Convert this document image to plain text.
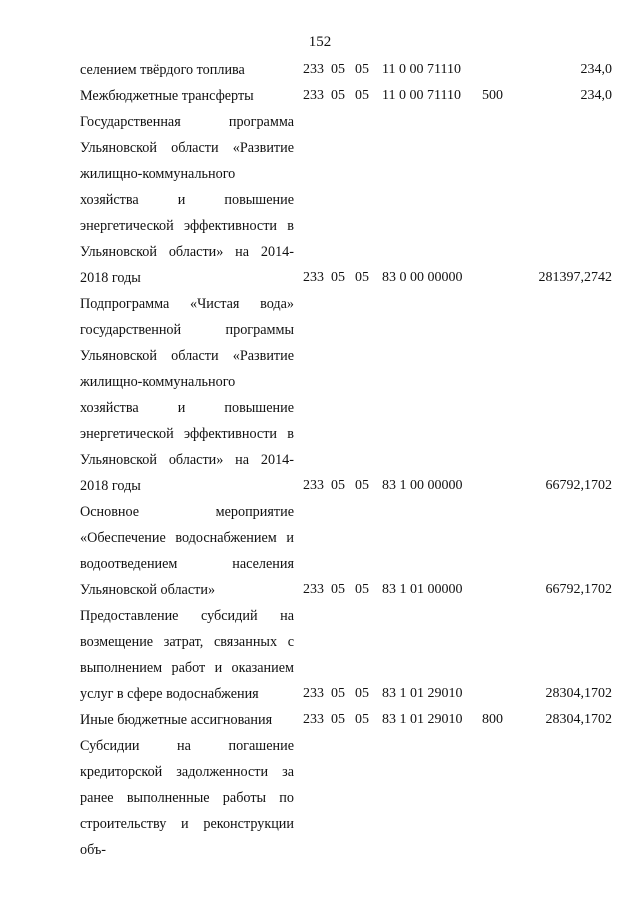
152
селением твёрдого топлива	233 05 05 11 0 00 71110	234,0
Межбюджетные трансферты	233 05 05 11 0 00 71110 500	234,0
Государственная программа Ульяновской области «Развитие жилищно-коммунального хозяйства и повышение энергетической эффективности в Ульяновской области» на 2014-2018 годы	233 05 05 83 0 00 00000	281397,2742
Подпрограмма «Чистая вода» государственной программы Ульяновской области «Развитие жилищно-коммунального хозяйства и повышение энергетической эффективности в Ульяновской области» на 2014-2018 годы	233 05 05 83 1 00 00000	66792,1702
Основное мероприятие «Обеспечение водоснабжением и водоотведением населения Ульяновской области»	233 05 05 83 1 01 00000	66792,1702
Предоставление субсидий на возмещение затрат, связанных с выполнением работ и оказанием услуг в сфере водоснабжения	233 05 05 83 1 01 29010	28304,1702
Иные бюджетные ассигнования	233 05 05 83 1 01 29010 800	28304,1702
Субсидии на погашение кредиторской задолженности за ранее выполненные работы по строительству и реконструкции объ-
